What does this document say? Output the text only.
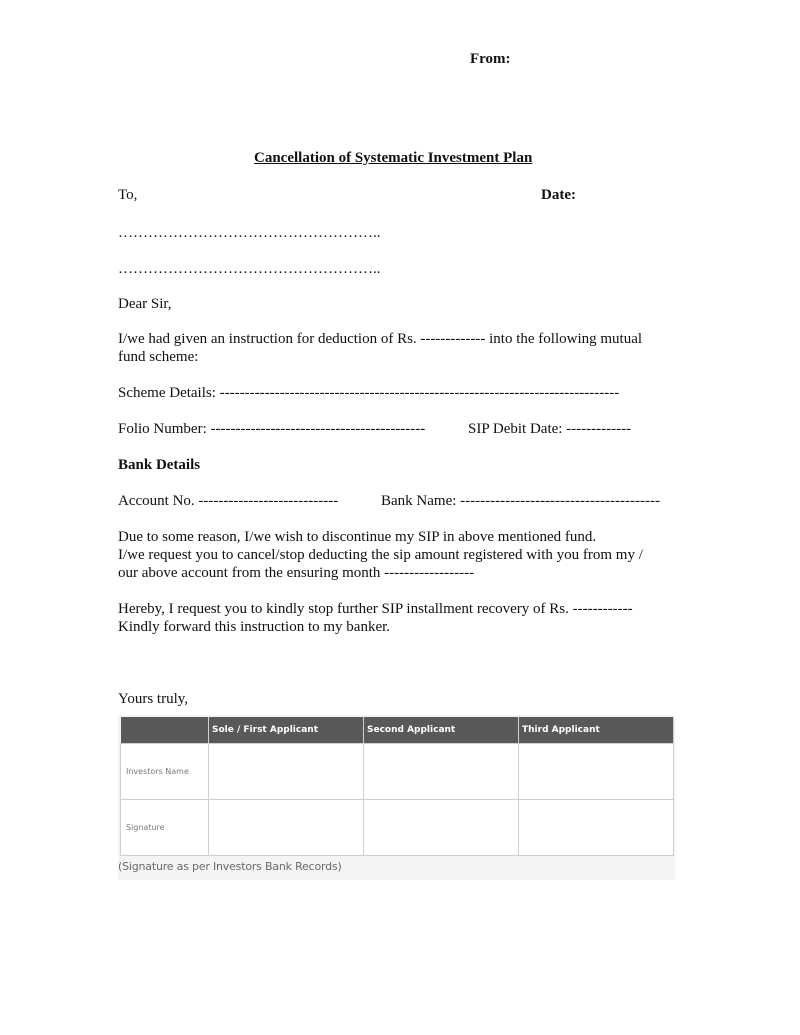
From:
Cancellation of Systematic Investment Plan
To,	Date:
……………………………………………..
……………………………………………..
Dear Sir,
I/we had given an instruction for deduction of Rs. ------------- into the following mutual
fund scheme:
Scheme Details: --------------------------------------------------------------------------------
Folio Number: -------------------------------------------	SIP Debit Date: -------------
Bank Details
Account No. ----------------------------	Bank Name: ----------------------------------------
Due to some reason, I/we wish to discontinue my SIP in above mentioned fund.
I/we request you to cancel/stop deducting the sip amount registered with you from my /
our above account from the ensuring month ------------------
Hereby, I request you to kindly stop further SIP installment recovery of Rs. ------------
Kindly forward this instruction to my banker.
Yours truly,
	Sole / First Applicant	Second Applicant	Third Applicant
Investors Name			
Signature			
(Signature as per Investors Bank Records)
